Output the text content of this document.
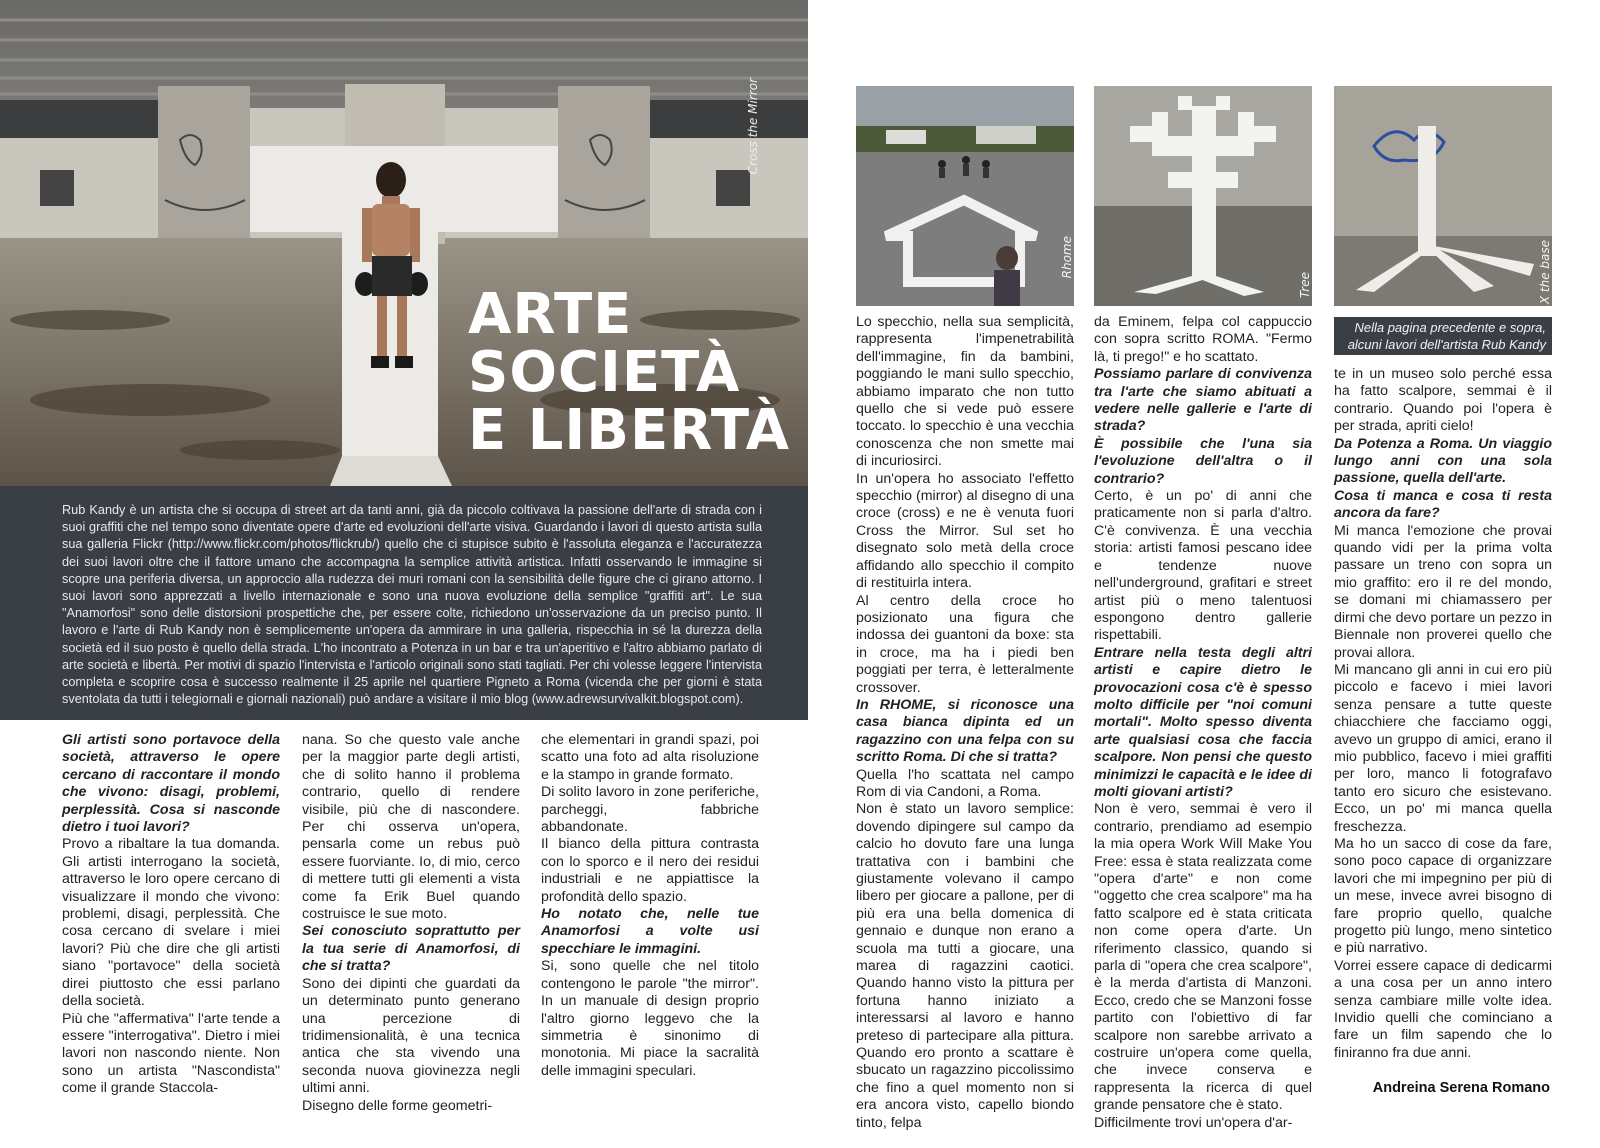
Cross the Mirror
ARTE
SOCIETÀ
E LIBERTÀ

Rub Kandy è un artista che si occupa di street art da tanti anni, già da piccolo coltivava la passione dell'arte di strada con i suoi graffiti che nel tempo sono diventate opere d'arte ed evoluzioni dell'arte visiva. Guardando i lavori di questo artista sulla sua galleria Flickr (http://www.flickr.com/photos/flickrub/) quello che ci stupisce subito è l'assoluta eleganza e l'accuratezza dei suoi lavori oltre che il fattore umano che accompagna la semplice attività artistica. Infatti osservando le immagine si scopre una periferia diversa, un approccio alla rudezza dei muri romani con la sensibilità delle figure che ci girano attorno. I suoi lavori sono apprezzati a livello internazionale e sono una nuova evoluzione della semplice "graffiti art". Le sua "Anamorfosi" sono delle distorsioni prospettiche che, per essere colte, richiedono un'osservazione da un preciso punto. Il lavoro e l'arte di Rub Kandy non è semplicemente un'opera da ammirare in una galleria, rispecchia in sé la durezza della società ed il suo posto è quello della strada. L'ho incontrato a Potenza in un bar e tra un'aperitivo e l'altro abbiamo parlato di arte società e libertà. Per motivi di spazio l'intervista e l'articolo originali sono stati tagliati. Per chi volesse leggere l'intervista completa e scoprire cosa è successo realmente il 25 aprile nel quartiere Pigneto a Roma (vicenda che per giorni è stata sventolata da tutti i telegiornali e giornali nazionali) può andare a visitare il mio blog (www.adrewsurvivalkit.blogspot.com).

Gli artisti sono portavoce della società, attraverso le opere cercano di raccontare il mondo che vivono: disagi, problemi, perplessità. Cosa si nasconde dietro i tuoi lavori?

Provo a ribaltare la tua domanda. Gli artisti interrogano la società, attraverso le loro opere cercano di visualizzare il mondo che vivono: problemi, disagi, perplessità. Che cosa cercano di svelare i miei lavori? Più che dire che gli artisti siano "portavoce" della società direi piuttosto che essi parlano della società.

Più che "affermativa" l'arte tende a essere "interrogativa". Dietro i miei lavori non nascondo niente. Non sono un artista "Nascondista" come il grande Staccola-

nana. So che questo vale anche per la maggior parte degli artisti, che di solito hanno il problema contrario, quello di rendere visibile, più che di nascondere. Per chi osserva un'opera, pensarla come un rebus può essere fuorviante. Io, di mio, cerco di mettere tutti gli elementi a vista come fa Erik Buel quando costruisce le sue moto.

Sei conosciuto soprattutto per la tua serie di Anamorfosi, di che si tratta?

Sono dei dipinti che guardati da un determinato punto generano una percezione di tridimensionalità, è una tecnica antica che sta vivendo una seconda nuova giovinezza negli ultimi anni.

Disegno delle forme geometri-

che elementari in grandi spazi, poi scatto una foto ad alta risoluzione e la stampo in grande formato.

Di solito lavoro in zone periferiche, parcheggi, fabbriche abbandonate.

Il bianco della pittura contrasta con lo sporco e il nero dei residui industriali e ne appiattisce la profondità dello spazio.

Ho notato che, nelle tue Anamorfosi a volte usi specchiare le immagini.

Si, sono quelle che nel titolo contengono le parole "the mirror". In un manuale di design proprio l'altro giorno leggevo che la simmetria è sinonimo di monotonia. Mi piace la sacralità delle immagini speculari.

Rhome
Tree	X the base
Nella pagina precedente e sopra, alcuni lavori dell'artista Rub Kandy

Lo specchio, nella sua semplicità, rappresenta l'impenetrabilità dell'immagine, fin da bambini, poggiando le mani sullo specchio, abbiamo imparato che non tutto quello che si vede può essere toccato. lo specchio è una vecchia conoscenza che non smette mai di incuriosirci.

In un'opera ho associato l'effetto specchio (mirror) al disegno di una croce (cross) e ne è venuta fuori Cross the Mirror. Sul set ho disegnato solo metà della croce affidando allo specchio il compito di restituirla intera.

Al centro della croce ho posizionato una figura che indossa dei guantoni da boxe: sta in croce, ma ha i piedi ben poggiati per terra, è letteralmente crossover.

In RHOME, si riconosce una casa bianca dipinta ed un ragazzino con una felpa con su scritto Roma. Di che si tratta?

Quella l'ho scattata nel campo Rom di via Candoni, a Roma.

Non è stato un lavoro semplice: dovendo dipingere sul campo da calcio ho dovuto fare una lunga trattativa con i bambini che giustamente volevano il campo libero per giocare a pallone, per di più era una bella domenica di gennaio e dunque non erano a scuola ma tutti a giocare, una marea di ragazzini caotici. Quando hanno visto la pittura per fortuna hanno iniziato a interessarsi al lavoro e hanno preteso di partecipare alla pittura. Quando ero pronto a scattare è sbucato un ragazzino piccolissimo che fino a quel momento non si era ancora visto, capello biondo tinto, felpa

da Eminem, felpa col cappuccio con sopra scritto ROMA. "Fermo là, ti prego!" e ho scattato.

Possiamo parlare di convivenza tra l'arte che siamo abituati a vedere nelle gallerie e l'arte di strada?

È possibile che l'una sia l'evoluzione dell'altra o il contrario?

Certo, è un po' di anni che praticamente non si parla d'altro. C'è convivenza. È una vecchia storia: artisti famosi pescano idee e tendenze nuove nell'underground, grafitari e street artist più o meno talentuosi espongono dentro gallerie rispettabili.

Entrare nella testa degli altri artisti e capire dietro le provocazioni cosa c'è è spesso molto difficile per "noi comuni mortali". Molto spesso diventa arte qualsiasi cosa che faccia scalpore. Non pensi che questo minimizzi le capacità e le idee di molti giovani artisti?

Non è vero, semmai è vero il contrario, prendiamo ad esempio la mia opera Work Will Make You Free: essa è stata realizzata come "opera d'arte" e non come "oggetto che crea scalpore" ma ha fatto scalpore ed è stata criticata non come opera d'arte. Un riferimento classico, quando si parla di "opera che crea scalpore", è la merda d'artista di Manzoni. Ecco, credo che se Manzoni fosse partito con l'obiettivo di far scalpore non sarebbe arrivato a costruire un'opera come quella, che invece conserva e rappresenta la ricerca di quel grande pensatore che è stato.

Difficilmente trovi un'opera d'ar-

te in un museo solo perché essa ha fatto scalpore, semmai è il contrario. Quando poi l'opera è per strada, apriti cielo!

Da Potenza a Roma. Un viaggio lungo anni con una sola passione, quella dell'arte.

Cosa ti manca e cosa ti resta ancora da fare?

Mi manca l'emozione che provai quando vidi per la prima volta passare un treno con sopra un mio graffito: ero il re del mondo, se domani mi chiamassero per dirmi che devo portare un pezzo in Biennale non proverei quello che provai allora.

Mi mancano gli anni in cui ero più piccolo e facevo i miei lavori senza pensare a tutte queste chiacchiere che facciamo oggi, avevo un gruppo di amici, erano il mio pubblico, facevo i miei graffiti per loro, manco li fotografavo tanto ero sicuro che esistevano. Ecco, un po' mi manca quella freschezza.

Ma ho un sacco di cose da fare, sono poco capace di organizzare lavori che mi impegnino per più di un mese, invece avrei bisogno di fare proprio quello, qualche progetto più lungo, meno sintetico e più narrativo.

Vorrei essere capace di dedicarmi a una cosa per un anno intero senza cambiare mille volte idea. Invidio quelli che cominciano a fare un film sapendo che lo finiranno fra due anni.

Andreina Serena Romano
